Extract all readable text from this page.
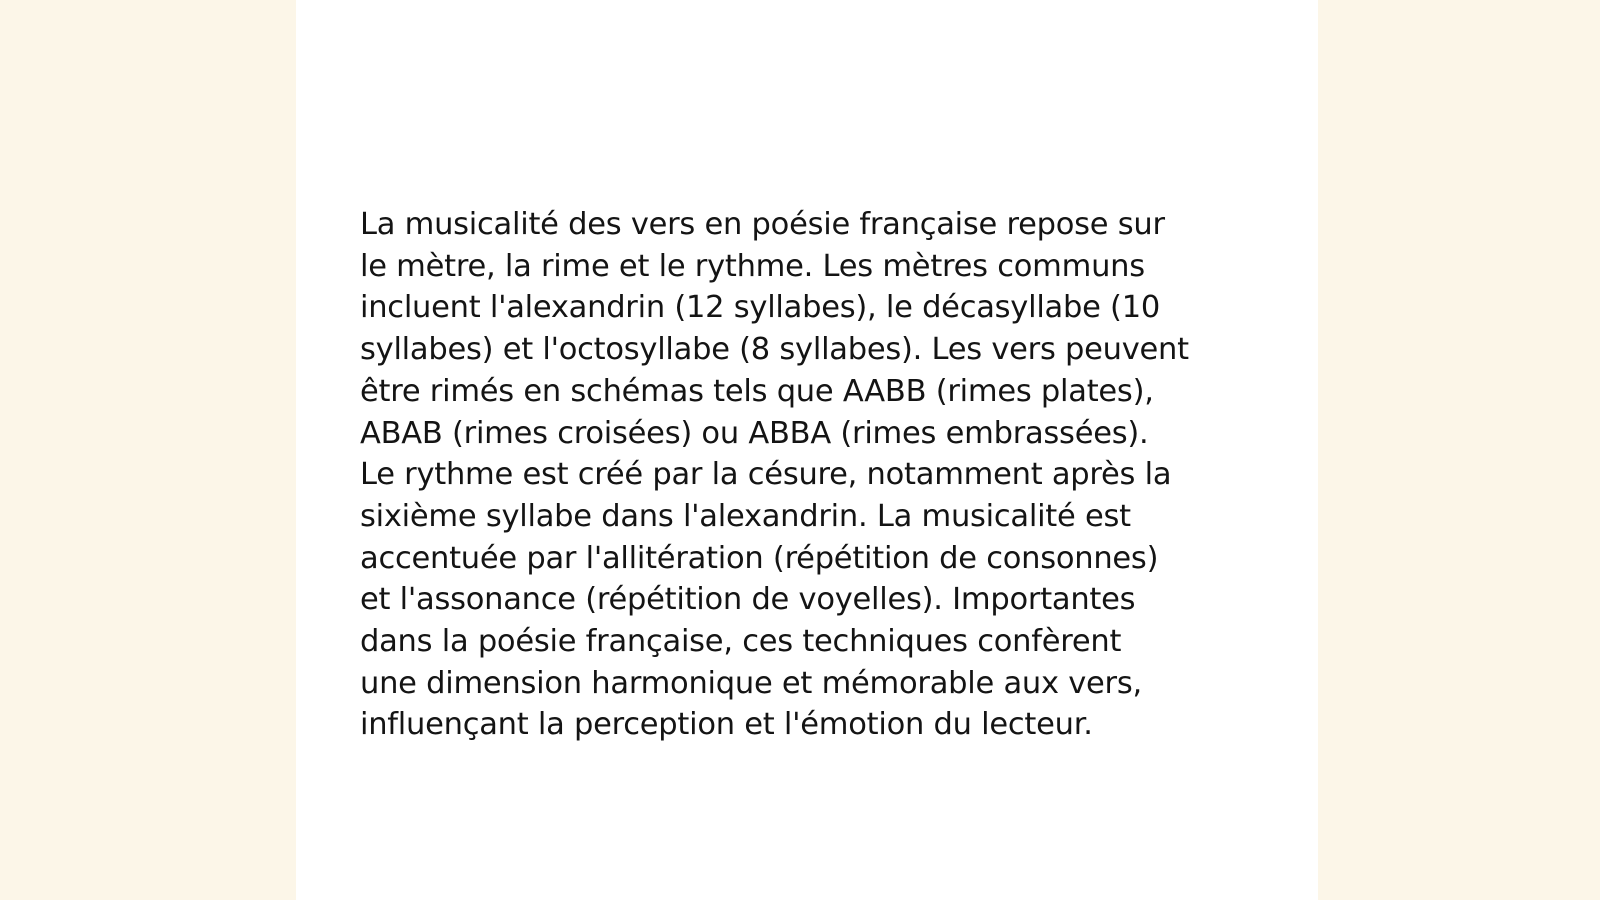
La musicalité des vers en poésie française repose sur
le mètre, la rime et le rythme. Les mètres communs
incluent l'alexandrin (12 syllabes), le décasyllabe (10
syllabes) et l'octosyllabe (8 syllabes). Les vers peuvent
être rimés en schémas tels que AABB (rimes plates),
ABAB (rimes croisées) ou ABBA (rimes embrassées).
Le rythme est créé par la césure, notamment après la
sixième syllabe dans l'alexandrin. La musicalité est
accentuée par l'allitération (répétition de consonnes)
et l'assonance (répétition de voyelles). Importantes
dans la poésie française, ces techniques confèrent
une dimension harmonique et mémorable aux vers,
influençant la perception et l'émotion du lecteur.
